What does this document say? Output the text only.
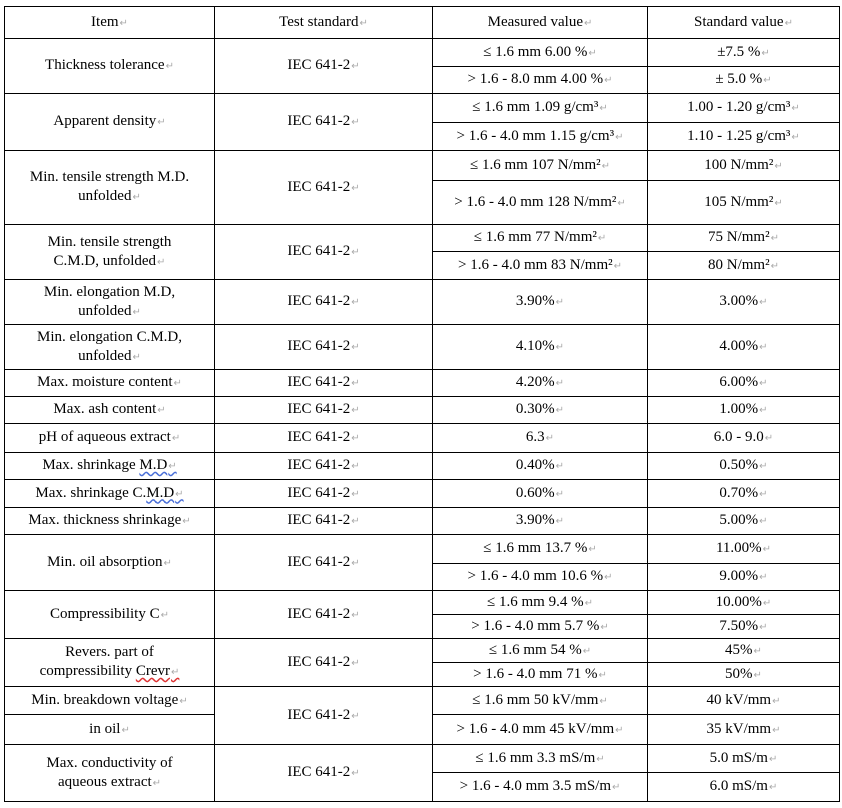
Item ↵	Test standard ↵	Measured value ↵	Standard value ↵
Thickness tolerance ↵	IEC 641-2 ↵	≤ 1.6 mm 6.00 % ↵	±7.5 % ↵
		> 1.6 - 8.0 mm 4.00 % ↵	± 5.0 % ↵
Apparent density ↵	IEC 641-2 ↵	≤ 1.6 mm 1.09 g/cm³ ↵	1.00 - 1.20 g/cm³ ↵
		> 1.6 - 4.0 mm 1.15 g/cm³ ↵	1.10 - 1.25 g/cm³ ↵

Min. tensile strength M.D.
unfolded ↵	IEC 641-2 ↵	≤ 1.6 mm 107 N/mm² ↵	100 N/mm² ↵
		> 1.6 - 4.0 mm 128 N/mm² ↵	105 N/mm² ↵

Min. tensile strength
C.M.D, unfolded ↵	IEC 641-2 ↵	≤ 1.6 mm 77 N/mm² ↵	75 N/mm² ↵
		> 1.6 - 4.0 mm 83 N/mm² ↵	80 N/mm² ↵

Min. elongation M.D,
unfolded ↵	IEC 641-2 ↵	3.90% ↵	3.00% ↵

Min. elongation C.M.D,
unfolded ↵	IEC 641-2 ↵	4.10% ↵	4.00% ↵
Max. moisture content ↵	IEC 641-2 ↵	4.20% ↵	6.00% ↵
Max. ash content ↵	IEC 641-2 ↵	0.30% ↵	1.00% ↵
pH of aqueous extract ↵	IEC 641-2 ↵	6.3 ↵	6.0 - 9.0 ↵
Max. shrinkage M.D ↵	IEC 641-2 ↵	0.40% ↵	0.50% ↵
Max. shrinkage C.M.D ↵	IEC 641-2 ↵	0.60% ↵	0.70% ↵
Max. thickness shrinkage ↵	IEC 641-2 ↵	3.90% ↵	5.00% ↵
Min. oil absorption ↵	IEC 641-2 ↵	≤ 1.6 mm 13.7 % ↵	11.00% ↵
		> 1.6 - 4.0 mm 10.6 % ↵	9.00% ↵
Compressibility C ↵	IEC 641-2 ↵	≤ 1.6 mm 9.4 % ↵	10.00% ↵
		> 1.6 - 4.0 mm 5.7 % ↵	7.50% ↵

Revers. part of
compressibility Crevr ↵	IEC 641-2 ↵	≤ 1.6 mm 54 % ↵	45% ↵
		> 1.6 - 4.0 mm 71 % ↵	50% ↵
Min. breakdown voltage ↵	IEC 641-2 ↵	≤ 1.6 mm 50 kV/mm ↵	40 kV/mm ↵
in oil ↵		> 1.6 - 4.0 mm 45 kV/mm ↵	35 kV/mm ↵

Max. conductivity of
aqueous extract ↵	IEC 641-2 ↵	≤ 1.6 mm 3.3 mS/m ↵	5.0 mS/m ↵
		> 1.6 - 4.0 mm 3.5 mS/m ↵	6.0 mS/m ↵
